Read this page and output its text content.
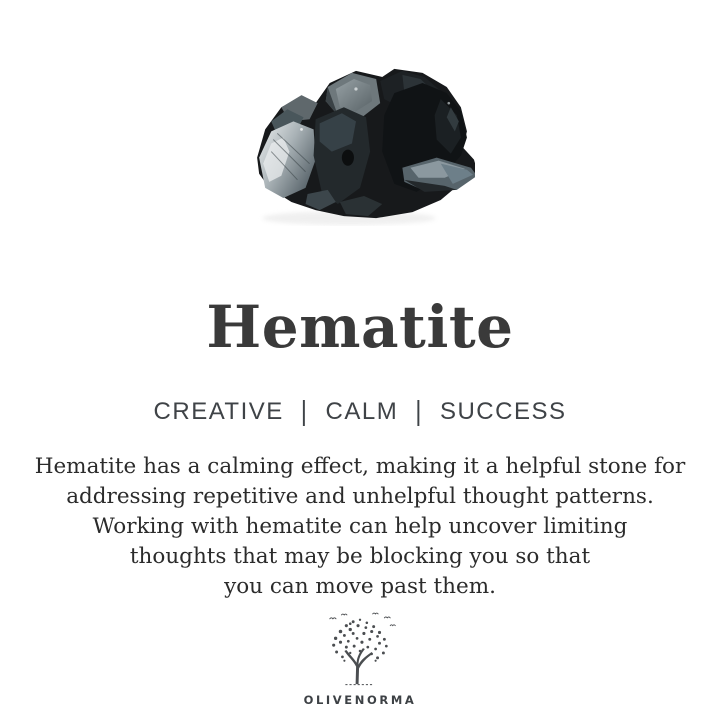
Hematite
CREATIVE | CALM | SUCCESS
Hematite has a calming effect, making it a helpful stone for
addressing repetitive and unhelpful thought patterns.
Working with hematite can help uncover limiting
thoughts that may be blocking you so that
you can move past them.
OLIVENORMA
